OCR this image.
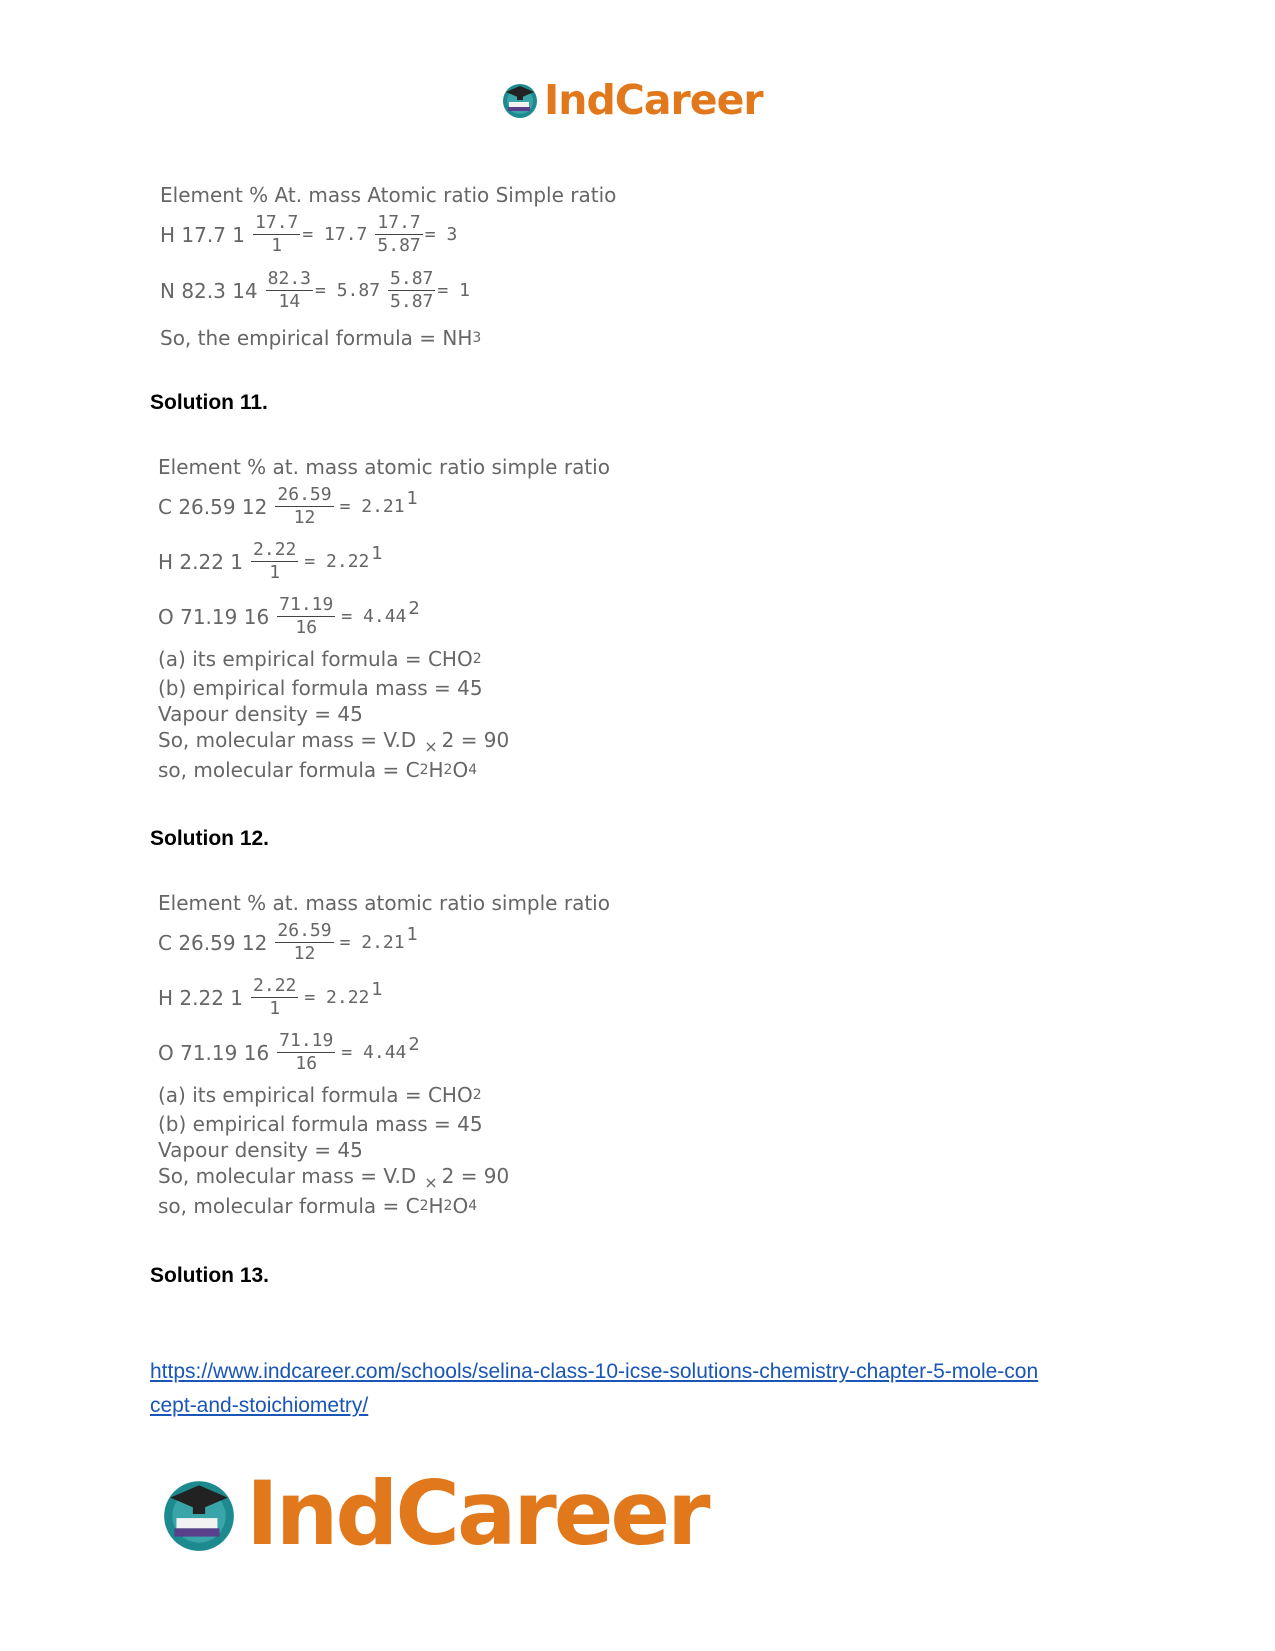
IndCareer
Element % At. mass Atomic ratio Simple ratio
H 17.7 $1 \frac{17.7}{1} = 17.7 \frac{17.7}{5.87} = 3$
N 82.3 $14 \frac{82.3}{14} = 5.87 \frac{5.87}{5.87} = 1$
So, the empirical formula = NH 3
Solution 11.
Element % at. mass atomic ratio simple ratio
C 26.59 $12 \frac{26.59}{12} = 2.21$ 1
H 2.22 $1 \frac{2.22}{1} = 2.22$ 1
O 71.19 $16 \frac{71.19}{16} = 4.44$ 2
(a) its empirical formula = CHO 2
(b) empirical formula mass = 45
Vapour density = 45
So, molecular mass = V.D × 2 = 90
so, molecular formula = C 2 H 2 O 4
Solution 12.
Element % at. mass atomic ratio simple ratio
C 26.59 $12 \frac{26.59}{12} = 2.21$ 1
H 2.22 $1 \frac{2.22}{1} = 2.22$ 1
O 71.19 $16 \frac{71.19}{16} = 4.44$ 2
(a) its empirical formula = CHO 2
(b) empirical formula mass = 45
Vapour density = 45
So, molecular mass = V.D × 2 = 90
so, molecular formula = C 2 H 2 O 4
Solution 13.
https://www.indcareer.com/schools/selina-class-10-icse-solutions-chemistry-chapter-5-mole-con
cept-and-stoichiometry/
IndCareer
